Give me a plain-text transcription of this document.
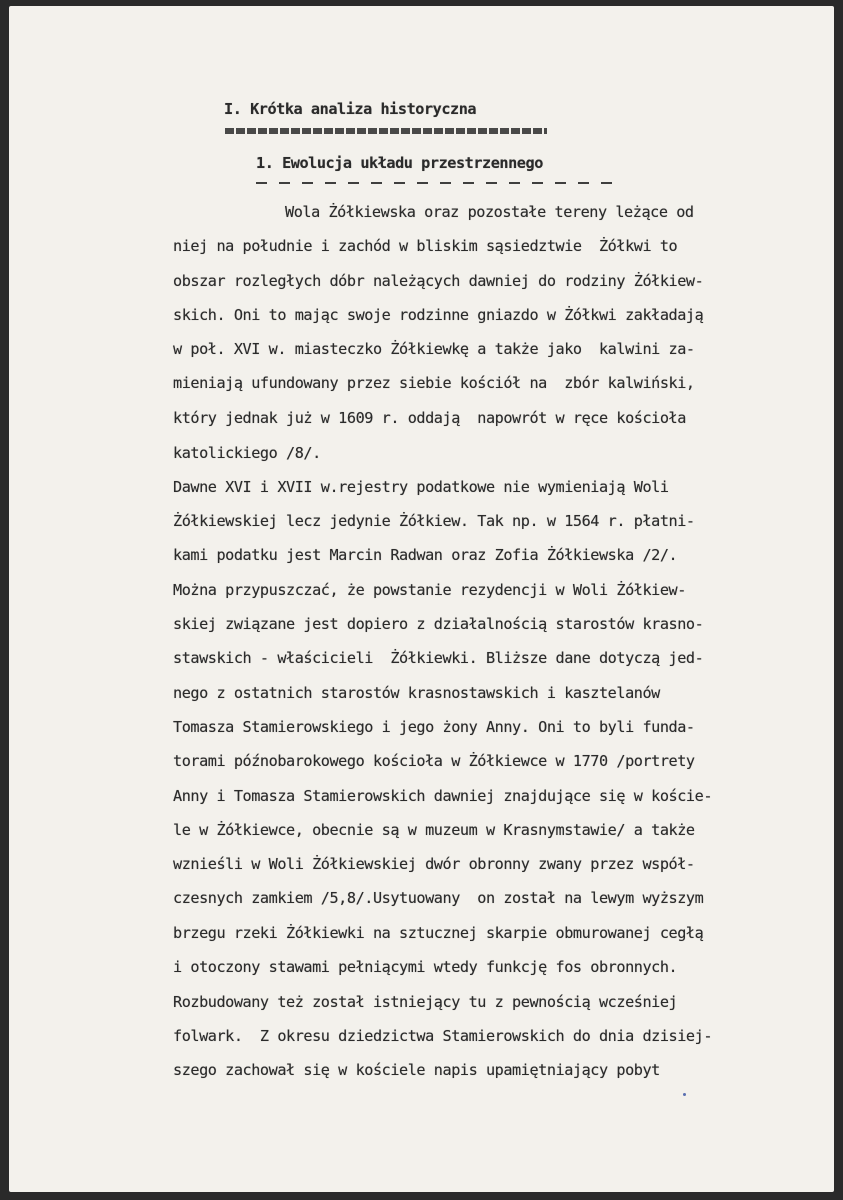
I. Krótka analiza historyczna
1. Ewolucja układu przestrzennego
Wola Żółkiewska oraz pozostałe tereny leżące od
niej na południe i zachód w bliskim sąsiedztwie  Żółkwi to
obszar rozległych dóbr należących dawniej do rodziny Żółkiew-
skich. Oni to mając swoje rodzinne gniazdo w Żółkwi zakładają
w poł. XVI w. miasteczko Żółkiewkę a także jako  kalwini za-
mieniają ufundowany przez siebie kościół na  zbór kalwiński,
który jednak już w 1609 r. oddają  napowrót w ręce kościoła
katolickiego /8/.
Dawne XVI i XVII w.rejestry podatkowe nie wymieniają Woli
Żółkiewskiej lecz jedynie Żółkiew. Tak np. w 1564 r. płatni-
kami podatku jest Marcin Radwan oraz Zofia Żółkiewska /2/.
Można przypuszczać, że powstanie rezydencji w Woli Żółkiew-
skiej związane jest dopiero z działalnością starostów krasno-
stawskich - właścicieli  Żółkiewki. Bliższe dane dotyczą jed-
nego z ostatnich starostów krasnostawskich i kasztelanów
Tomasza Stamierowskiego i jego żony Anny. Oni to byli funda-
torami późnobarokowego kościoła w Żółkiewce w 1770 /portrety
Anny i Tomasza Stamierowskich dawniej znajdujące się w koście-
le w Żółkiewce, obecnie są w muzeum w Krasnymstawie/ a także
wznieśli w Woli Żółkiewskiej dwór obronny zwany przez współ-
czesnych zamkiem /5,8/.Usytuowany  on został na lewym wyższym
brzegu rzeki Żółkiewki na sztucznej skarpie obmurowanej cegłą
i otoczony stawami pełniącymi wtedy funkcję fos obronnych.
Rozbudowany też został istniejący tu z pewnością wcześniej
folwark.  Z okresu dziedzictwa Stamierowskich do dnia dzisiej-
szego zachował się w kościele napis upamiętniający pobyt
